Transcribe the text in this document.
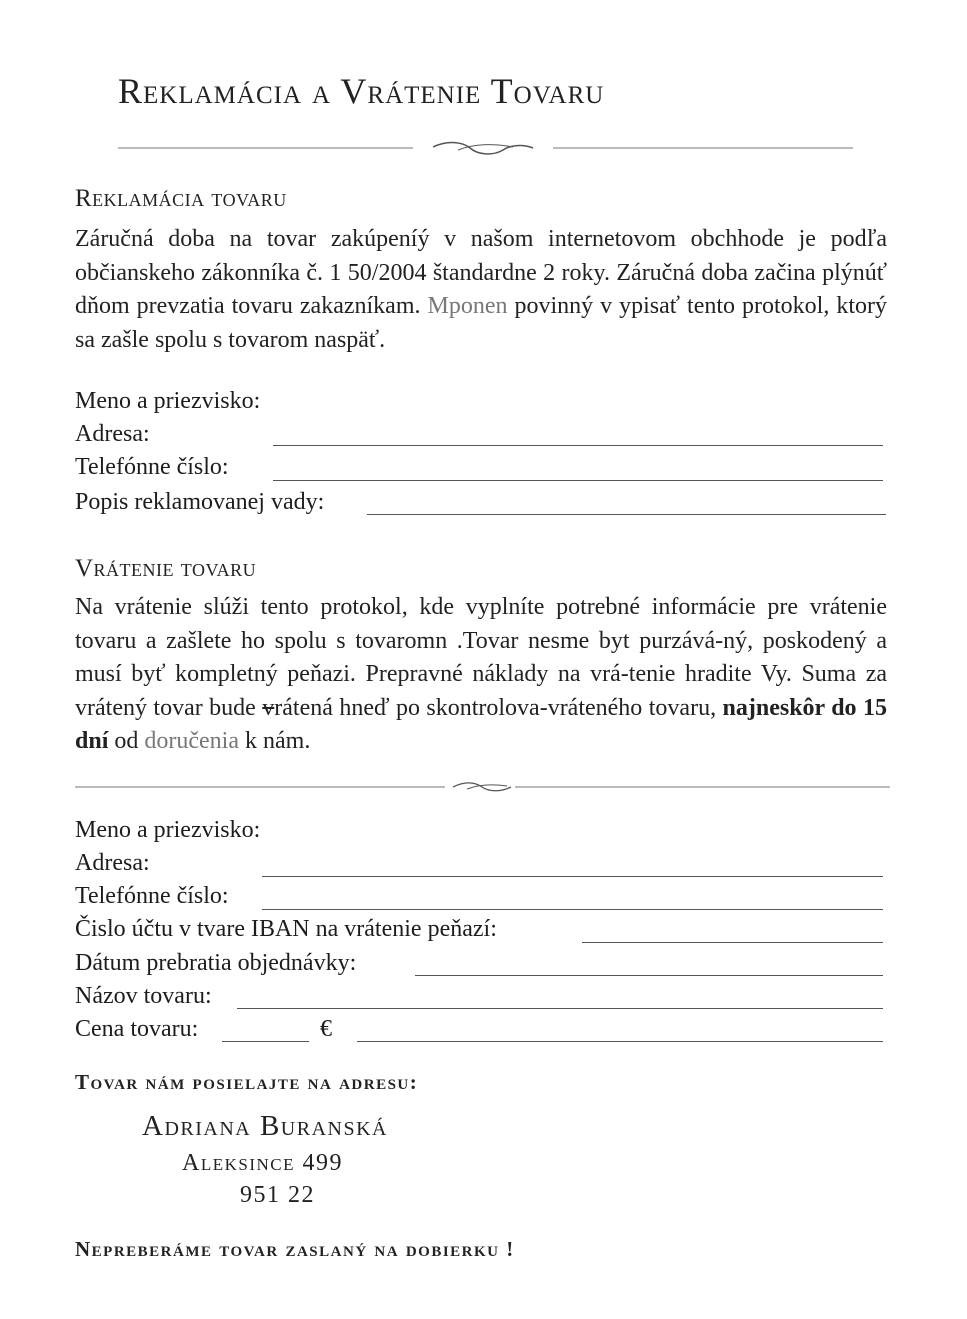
Reklamácia a Vrátenie Tovaru
Reklamácia tovaru
Záručná doba na tovar zakúpeníý v našom internetovom obchhode je podľa občianskeho zákonníka č. 1 50/2004 štandardne 2 roky. Záručná doba začina plýnúť dňom prevzatia tovaru zakazníkam. Mponen povinný v ypisať tento protokol, ktorý sa zašle spolu s tovarom naspäť.
Meno a priezvisko:
Adresa:
Telefónne číslo:
Popis reklamovanej vady:
Vrátenie tovaru
Na vrátenie slúži tento protokol, kde vyplníte potrebné informácie pre vrátenie tovaru a zašlete ho spolu s tovaromn .Tovar nesme byt purzává-ný, poskodený a musí byť kompletný peňazi. Prepravné náklady na vrá-tenie hradite Vy. Suma za vrátený tovar bude vrátená hneď po skontrolova-vráteného tovaru, najneskôr do 15 dní od doručenia k nám.
Meno a priezvisko:
Adresa:
Telefónne číslo:
Čislo účtu v tvare IBAN na vrátenie peňazí:
Dátum prebratia objednávky:
Názov tovaru:
Cena tovaru:	€
Tovar nám posielajte na adresu:
Adriana Buranská
Aleksince 499
951 22
Nepreberáme tovar zaslaný na dobierku !
